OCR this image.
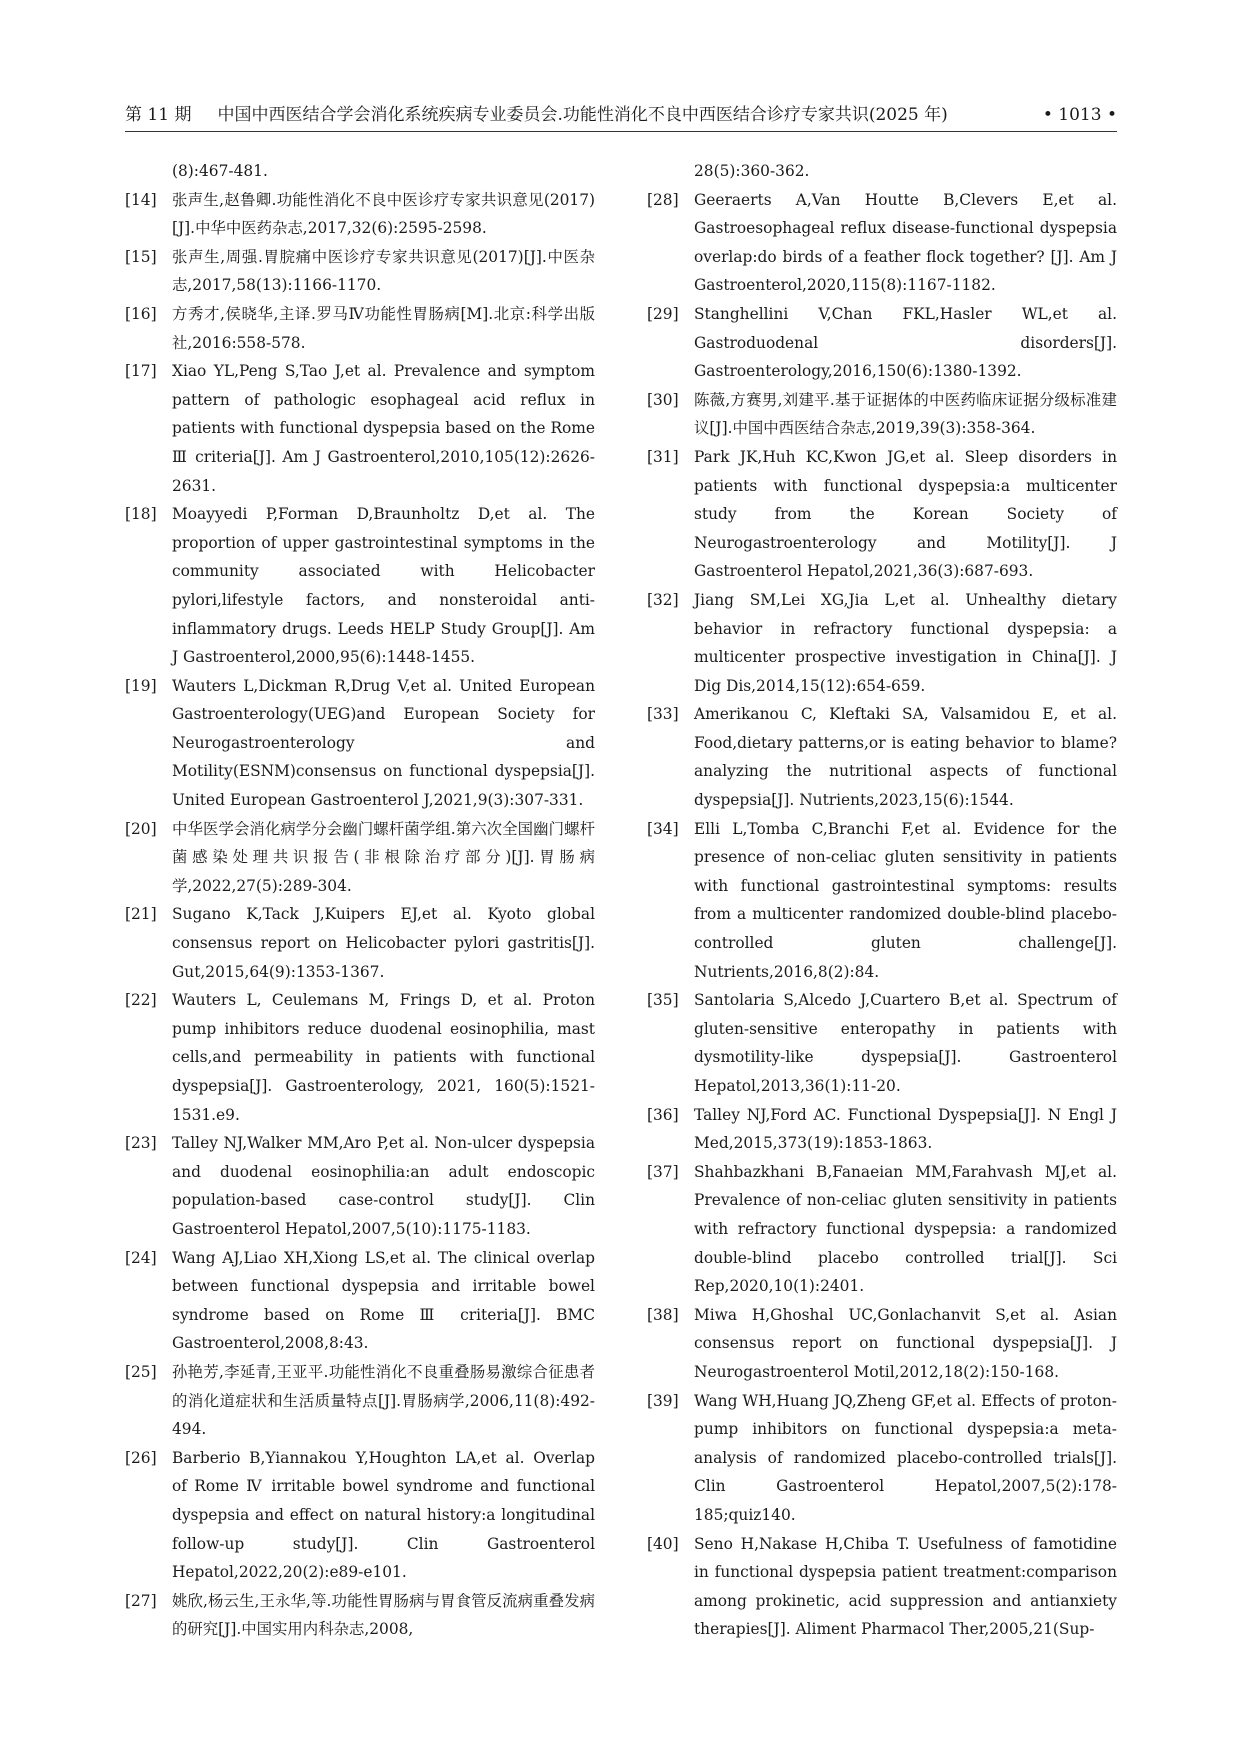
第 11 期 中国中西医结合学会消化系统疾病专业委员会.功能性消化不良中西医结合诊疗专家共识(2025 年)	• 1013 •
(8):467-481.
[14] 张声生,赵鲁卿.功能性消化不良中医诊疗专家共识意见(2017)[J].中华中医药杂志,2017,32(6):2595-2598.
[15] 张声生,周强.胃脘痛中医诊疗专家共识意见(2017)[J].中医杂志,2017,58(13):1166-1170.
[16] 方秀才,侯晓华,主译.罗马Ⅳ功能性胃肠病[M].北京:科学出版社,2016:558-578.
[17] Xiao YL,Peng S,Tao J,et al. Prevalence and symptom pattern of pathologic esophageal acid reflux in patients with functional dyspepsia based on the Rome Ⅲ criteria[J]. Am J Gastroenterol,2010,105(12):2626-2631.
[18] Moayyedi P,Forman D,Braunholtz D,et al. The proportion of upper gastrointestinal symptoms in the community associated with Helicobacter pylori,lifestyle factors, and nonsteroidal anti-inflammatory drugs. Leeds HELP Study Group[J]. Am J Gastroenterol,2000,95(6):1448-1455.
[19] Wauters L,Dickman R,Drug V,et al. United European Gastroenterology(UEG)and European Society for Neurogastroenterology and Motility(ESNM)consensus on functional dyspepsia[J]. United European Gastroenterol J,2021,9(3):307-331.
[20] 中华医学会消化病学分会幽门螺杆菌学组.第六次全国幽门螺杆菌感染处理共识报告(非根除治疗部分)[J].胃肠病学,2022,27(5):289-304.
[21] Sugano K,Tack J,Kuipers EJ,et al. Kyoto global consensus report on Helicobacter pylori gastritis[J]. Gut,2015,64(9):1353-1367.
[22] Wauters L, Ceulemans M, Frings D, et al. Proton pump inhibitors reduce duodenal eosinophilia, mast cells,and permeability in patients with functional dyspepsia[J]. Gastroenterology, 2021, 160(5):1521-1531.e9.
[23] Talley NJ,Walker MM,Aro P,et al. Non-ulcer dyspepsia and duodenal eosinophilia:an adult endoscopic population-based case-control study[J]. Clin Gastroenterol Hepatol,2007,5(10):1175-1183.
[24] Wang AJ,Liao XH,Xiong LS,et al. The clinical overlap between functional dyspepsia and irritable bowel syndrome based on Rome Ⅲ criteria[J]. BMC Gastroenterol,2008,8:43.
[25] 孙艳芳,李延青,王亚平.功能性消化不良重叠肠易激综合征患者的消化道症状和生活质量特点[J].胃肠病学,2006,11(8):492-494.
[26] Barberio B,Yiannakou Y,Houghton LA,et al. Overlap of Rome Ⅳ irritable bowel syndrome and functional dyspepsia and effect on natural history:a longitudinal follow-up study[J]. Clin Gastroenterol Hepatol,2022,20(2):e89-e101.
[27] 姚欣,杨云生,王永华,等.功能性胃肠病与胃食管反流病重叠发病的研究[J].中国实用内科杂志,2008,
28(5):360-362.
[28] Geeraerts A,Van Houtte B,Clevers E,et al. Gastroesophageal reflux disease-functional dyspepsia overlap:do birds of a feather flock together? [J]. Am J Gastroenterol,2020,115(8):1167-1182.
[29] Stanghellini V,Chan FKL,Hasler WL,et al. Gastroduodenal disorders[J]. Gastroenterology,2016,150(6):1380-1392.
[30] 陈薇,方赛男,刘建平.基于证据体的中医药临床证据分级标准建议[J].中国中西医结合杂志,2019,39(3):358-364.
[31] Park JK,Huh KC,Kwon JG,et al. Sleep disorders in patients with functional dyspepsia:a multicenter study from the Korean Society of Neurogastroenterology and Motility[J]. J Gastroenterol Hepatol,2021,36(3):687-693.
[32] Jiang SM,Lei XG,Jia L,et al. Unhealthy dietary behavior in refractory functional dyspepsia: a multicenter prospective investigation in China[J]. J Dig Dis,2014,15(12):654-659.
[33] Amerikanou C, Kleftaki SA, Valsamidou E, et al. Food,dietary patterns,or is eating behavior to blame? analyzing the nutritional aspects of functional dyspepsia[J]. Nutrients,2023,15(6):1544.
[34] Elli L,Tomba C,Branchi F,et al. Evidence for the presence of non-celiac gluten sensitivity in patients with functional gastrointestinal symptoms: results from a multicenter randomized double-blind placebo-controlled gluten challenge[J]. Nutrients,2016,8(2):84.
[35] Santolaria S,Alcedo J,Cuartero B,et al. Spectrum of gluten-sensitive enteropathy in patients with dysmotility-like dyspepsia[J]. Gastroenterol Hepatol,2013,36(1):11-20.
[36] Talley NJ,Ford AC. Functional Dyspepsia[J]. N Engl J Med,2015,373(19):1853-1863.
[37] Shahbazkhani B,Fanaeian MM,Farahvash MJ,et al. Prevalence of non-celiac gluten sensitivity in patients with refractory functional dyspepsia: a randomized double-blind placebo controlled trial[J]. Sci Rep,2020,10(1):2401.
[38] Miwa H,Ghoshal UC,Gonlachanvit S,et al. Asian consensus report on functional dyspepsia[J]. J Neurogastroenterol Motil,2012,18(2):150-168.
[39] Wang WH,Huang JQ,Zheng GF,et al. Effects of proton-pump inhibitors on functional dyspepsia:a meta-analysis of randomized placebo-controlled trials[J]. Clin Gastroenterol Hepatol,2007,5(2):178-185;quiz140.
[40] Seno H,Nakase H,Chiba T. Usefulness of famotidine in functional dyspepsia patient treatment:comparison among prokinetic, acid suppression and antianxiety therapies[J]. Aliment Pharmacol Ther,2005,21(Sup-
